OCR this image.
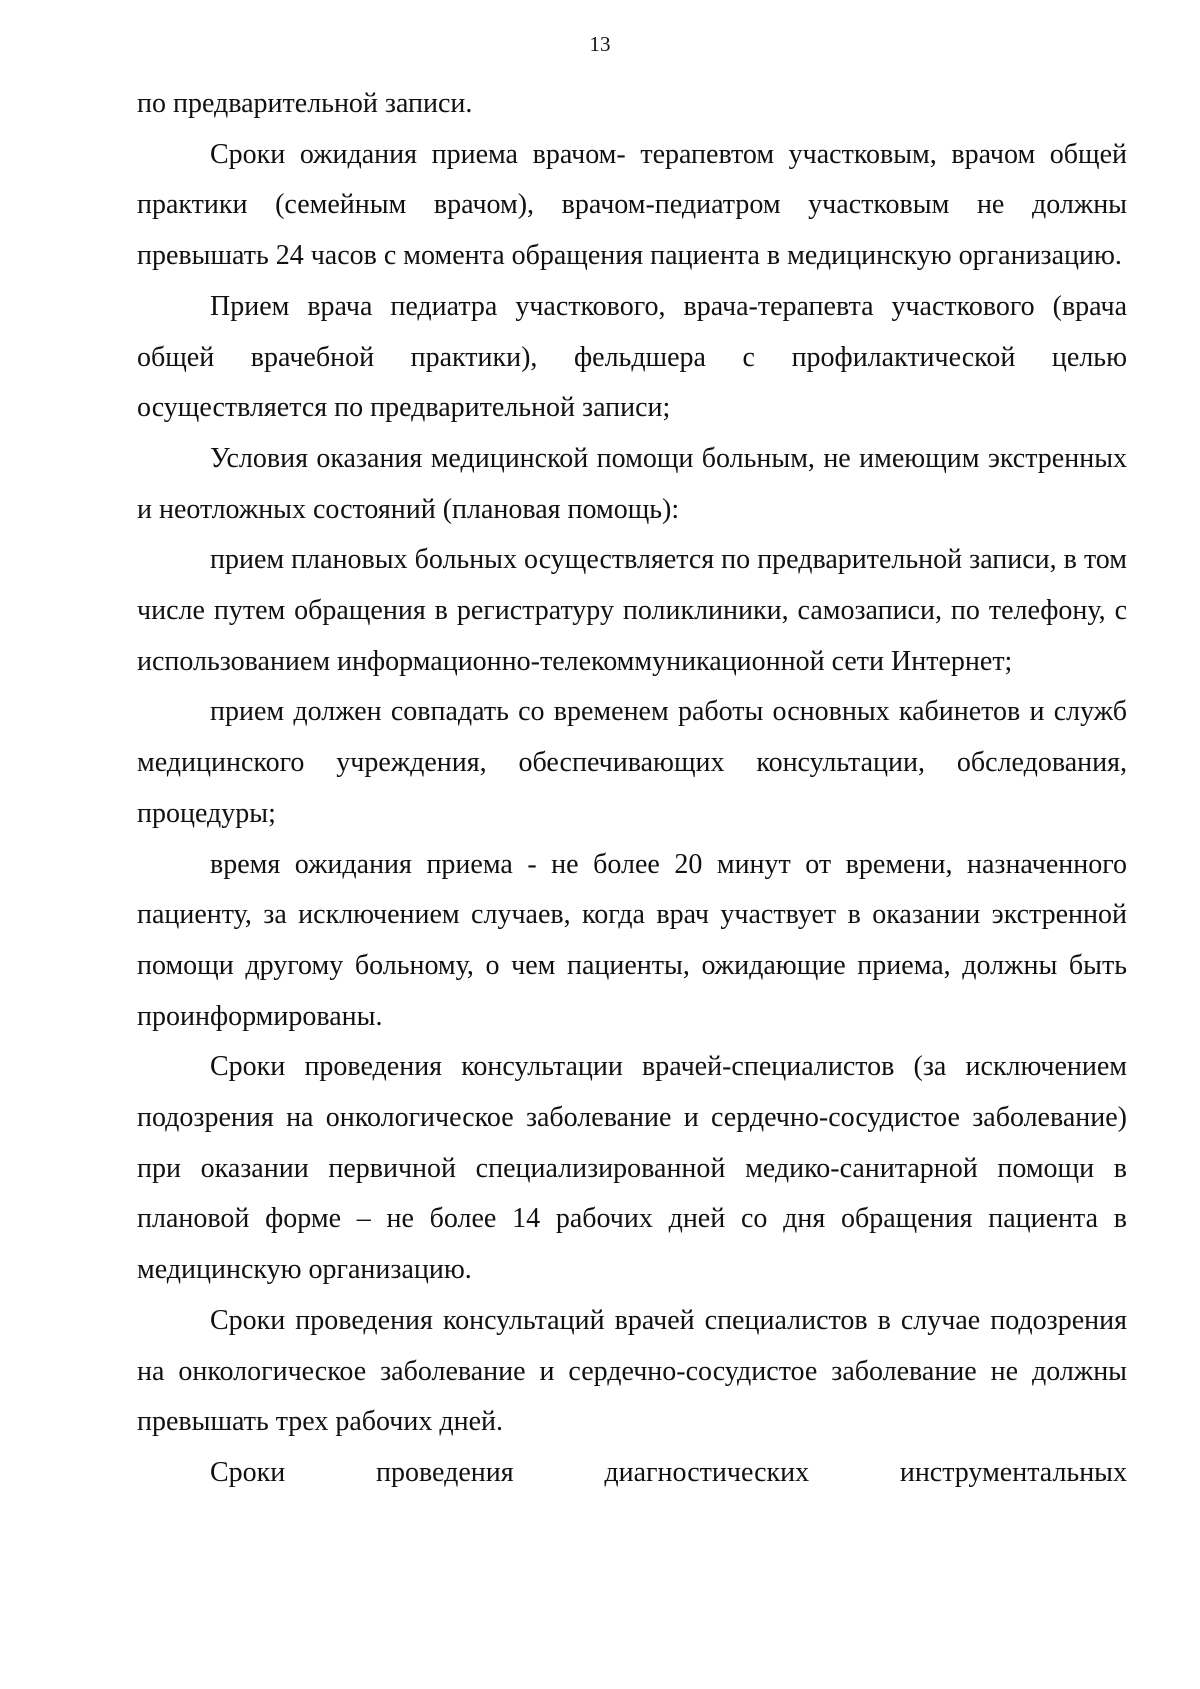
13

по предварительной записи.

Сроки ожидания приема врачом- терапевтом участковым, врачом общей практики (семейным врачом), врачом-педиатром участковым не должны превышать 24 часов с момента обращения пациента в медицинскую организацию.

Прием врача педиатра участкового, врача-терапевта участкового (врача общей врачебной практики), фельдшера с профилактической целью осуществляется по предварительной записи;

Условия оказания медицинской помощи больным, не имеющим экстренных и неотложных состояний (плановая помощь):

прием плановых больных осуществляется по предварительной записи, в том числе путем обращения в регистратуру поликлиники, самозаписи, по телефону, с использованием информационно-телекоммуникационной сети Интернет;

прием должен совпадать со временем работы основных кабинетов и служб медицинского учреждения, обеспечивающих консультации, обследования, процедуры;

время ожидания приема - не более 20 минут от времени, назначенного пациенту, за исключением случаев, когда врач участвует в оказании экстренной помощи другому больному, о чем пациенты, ожидающие приема, должны быть проинформированы.

Сроки проведения консультации врачей-специалистов (за исключением подозрения на онкологическое заболевание и сердечно-сосудистое заболевание) при оказании первичной специализированной медико-санитарной помощи в плановой форме – не более 14 рабочих дней со дня обращения пациента в медицинскую организацию.

Сроки проведения консультаций врачей специалистов в случае подозрения на онкологическое заболевание и сердечно-сосудистое заболевание не должны превышать трех рабочих дней.

Сроки проведения диагностических инструментальных
